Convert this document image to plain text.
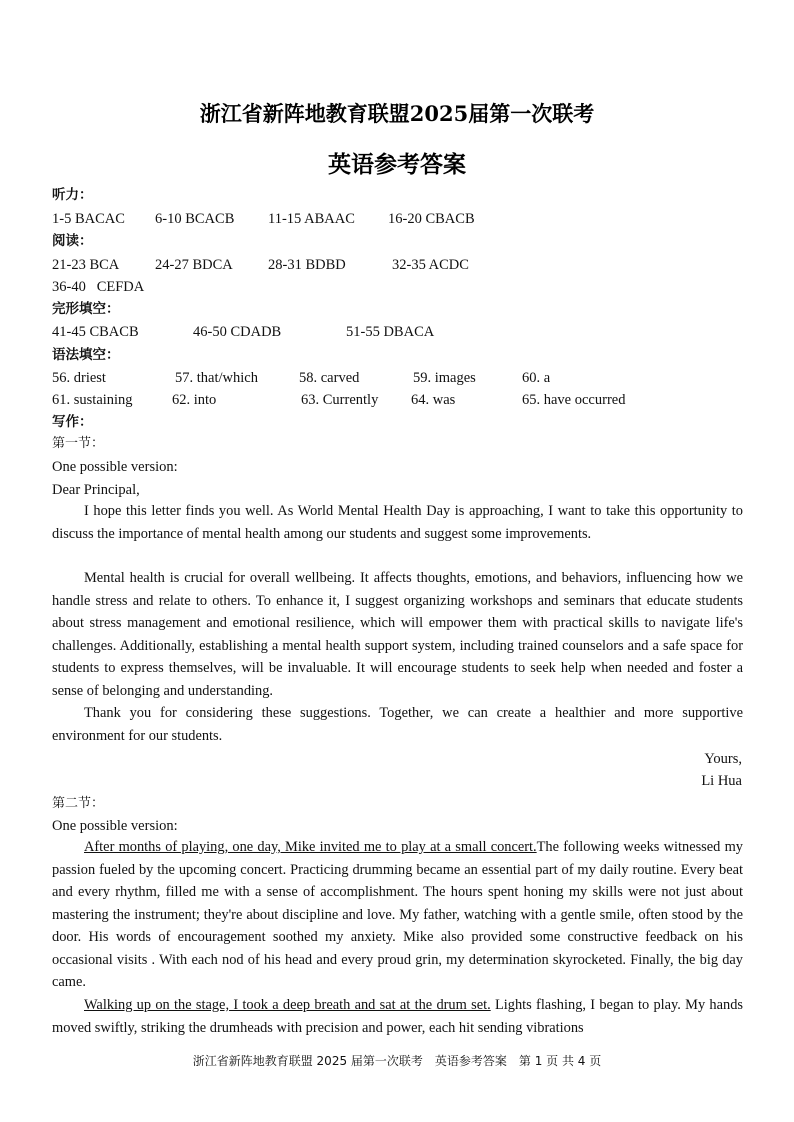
浙江省新阵地教育联盟2025届第一次联考
英语参考答案
听力：
1-5 BACAC 6-10 BCACB 11-15 ABAAC 16-20 CBACB
阅读：
21-23 BCA 24-27 BDCA 28-31 BDBD	32-35 ACDC
36-40   CEFDA
完形填空：
41-45 CBACB	46-50 CDADB	51-55 DBACA
语法填空：
56. driest	57. that/which	58. carved	59. images	60. a
61. sustaining	62. into	63. Currently 64. was	65. have occurred
写作：
第一节：
One possible version:
Dear Principal,

I hope this letter finds you well. As World Mental Health Day is approaching, I want to take this opportunity to discuss the importance of mental health among our students and suggest some improvements.

Mental health is crucial for overall wellbeing. It affects thoughts, emotions, and behaviors, influencing how we handle stress and relate to others. To enhance it, I suggest organizing workshops and seminars that educate students about stress management and emotional resilience, which will empower them with practical skills to navigate life's challenges. Additionally, establishing a mental health support system, including trained counselors and a safe space for students to express themselves, will be invaluable. It will encourage students to seek help when needed and foster a sense of belonging and understanding.

Thank you for considering these suggestions. Together, we can create a healthier and more supportive environment for our students.

Yours,
Li Hua
第二节：
One possible version:

After months of playing, one day, Mike invited me to play at a small concert.The following weeks witnessed my passion fueled by the upcoming concert. Practicing drumming became an essential part of my daily routine. Every beat and every rhythm, filled me with a sense of accomplishment. The hours spent honing my skills were not just about mastering the instrument; they're about discipline and love. My father, watching with a gentle smile, often stood by the door. His words of encouragement soothed my anxiety. Mike also provided some constructive feedback on his occasional visits . With each nod of his head and every proud grin, my determination skyrocketed. Finally, the big day came.

Walking up on the stage, I took a deep breath and sat at the drum set. Lights flashing, I began to play. My hands moved swiftly, striking the drumheads with precision and power, each hit sending vibrations

浙江省新阵地教育联盟 2025 届第一次联考　英语参考答案　第 1 页 共 4 页
